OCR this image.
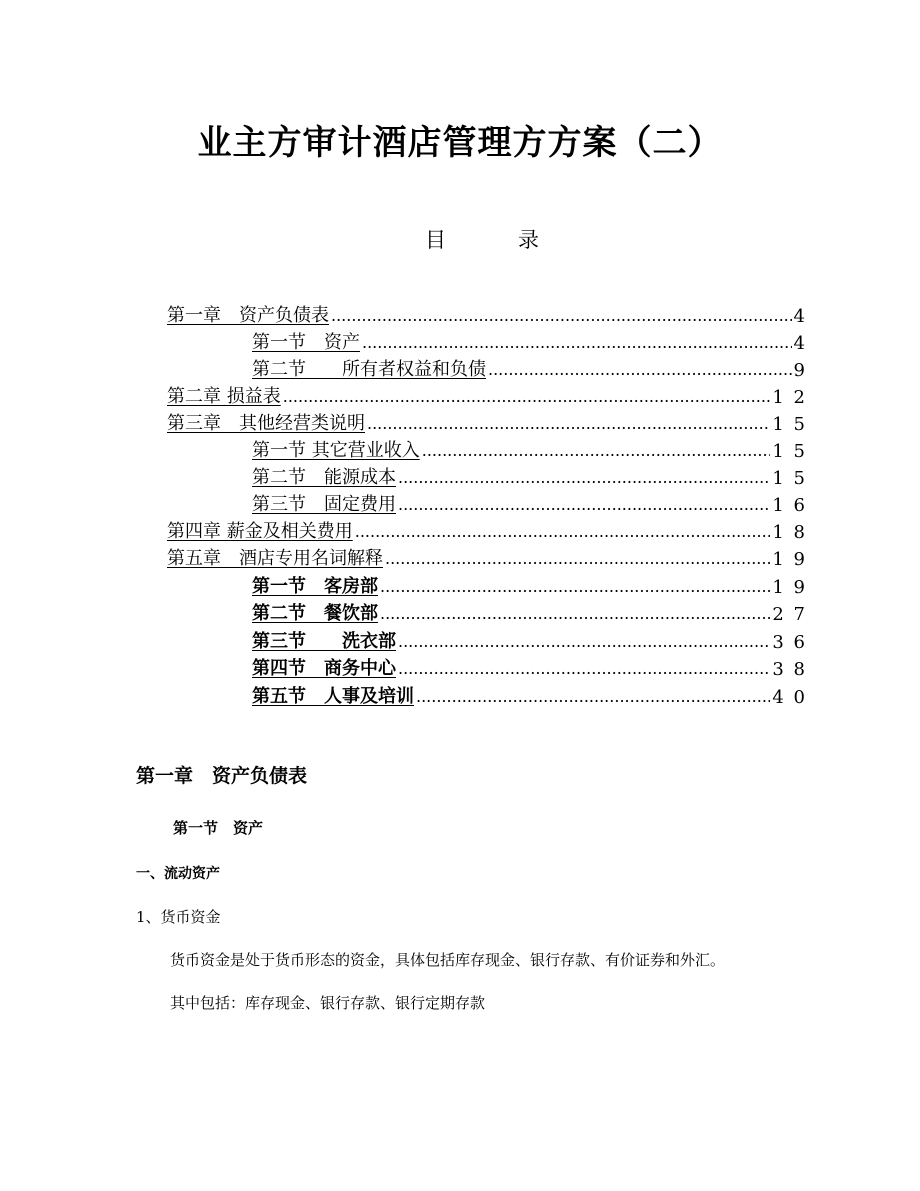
业主方审计酒店管理方方案（二）
目	录
第一章　资产负债表 .....	4
第一节　资产 .....	4
第二节　　所有者权益和负债 .....	9
第二章 损益表 .....	1 2
第三章　其他经营类说明 .....	1 5
第一节 其它营业收入 .....	1 5
第二节　能源成本 .....	1 5
第三节　固定费用 .....	1 6
第四章 薪金及相关费用 .....	1 8
第五章　酒店专用名词解释 .....	1 9
第一节　客房部 .....	1 9
第二节　餐饮部 .....	2 7
第三节　　洗衣部 .....	3 6
第四节　商务中心 .....	3 8
第五节　人事及培训 .....	4 0
第一章　资产负债表
第一节　资产
一、流动资产
1、货币资金
货币资金是处于货币形态的资金，具体包括库存现金、银行存款、有价证券和外汇。
其中包括：库存现金、银行存款、银行定期存款
